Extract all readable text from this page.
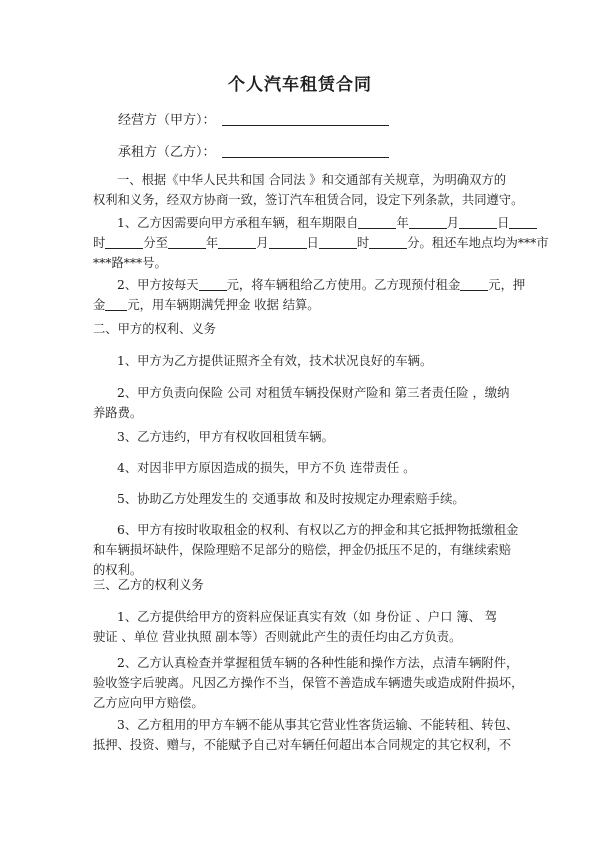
个人汽车租赁合同
经营方（甲方）：
承租方（乙方）：
一、根据《中华人民共和国 合同法 》和交通部有关规章，为明确双方的
权利和义务，经双方协商一致，签订汽车租赁合同，设定下列条款，共同遵守。
1、乙方因需要向甲方承租车辆，租车期限自	年	月	日
时	分至	年	月	日	时	分。租还车地点均为***市
***路***号。
2、甲方按每天 元，将车辆租给乙方使用。乙方现预付租金 元，押
金 元，用车辆期满凭押金 收据 结算。
二、甲方的权利、义务
1、甲方为乙方提供证照齐全有效，技术状况良好的车辆。
2、甲方负责向保险 公司 对租赁车辆投保财产险和 第三者责任险 ，缴纳
养路费。
3、乙方违约，甲方有权收回租赁车辆。
4、对因非甲方原因造成的损失，甲方不负 连带责任 。
5、协助乙方处理发生的 交通事故 和及时按规定办理索赔手续。
6、甲方有按时收取租金的权利、有权以乙方的押金和其它抵押物抵缴租金
和车辆损坏缺件，保险理赔不足部分的赔偿，押金仍抵压不足的，有继续索赔
的权利。
三、乙方的权利义务
1、乙方提供给甲方的资料应保证真实有效（如 身份证 、户口 簿、 驾
驶证 、单位 营业执照 副本等）否则就此产生的责任均由乙方负责。
2、乙方认真检查并掌握租赁车辆的各种性能和操作方法，点清车辆附件，
验收签字后驶离。凡因乙方操作不当，保管不善造成车辆遗失或造成附件损坏，
乙方应向甲方赔偿。
3、乙方租用的甲方车辆不能从事其它营业性客货运输、不能转租、转包、
抵押、投资、赠与，不能赋予自己对车辆任何超出本合同规定的其它权利，不
